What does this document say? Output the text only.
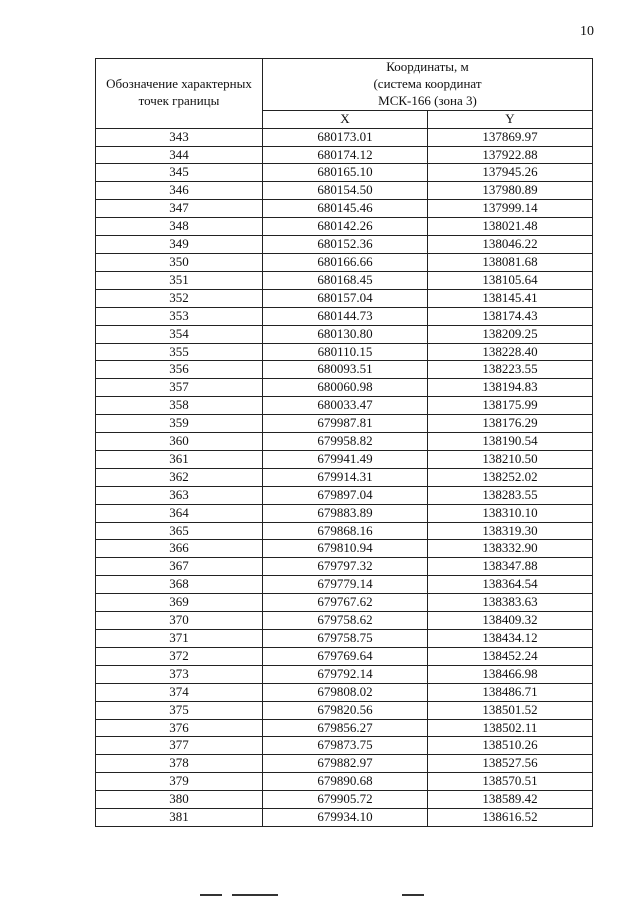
10
Обозначение характерных точек границы	Координаты, м
(система координат
МСК-166 (зона 3)	

	X	Y
343	680173.01	137869.97
344	680174.12	137922.88
345	680165.10	137945.26
346	680154.50	137980.89
347	680145.46	137999.14
348	680142.26	138021.48
349	680152.36	138046.22
350	680166.66	138081.68
351	680168.45	138105.64
352	680157.04	138145.41
353	680144.73	138174.43
354	680130.80	138209.25
355	680110.15	138228.40
356	680093.51	138223.55
357	680060.98	138194.83
358	680033.47	138175.99
359	679987.81	138176.29
360	679958.82	138190.54
361	679941.49	138210.50
362	679914.31	138252.02
363	679897.04	138283.55
364	679883.89	138310.10
365	679868.16	138319.30
366	679810.94	138332.90
367	679797.32	138347.88
368	679779.14	138364.54
369	679767.62	138383.63
370	679758.62	138409.32
371	679758.75	138434.12
372	679769.64	138452.24
373	679792.14	138466.98
374	679808.02	138486.71
375	679820.56	138501.52
376	679856.27	138502.11
377	679873.75	138510.26
378	679882.97	138527.56
379	679890.68	138570.51
380	679905.72	138589.42
381	679934.10	138616.52
